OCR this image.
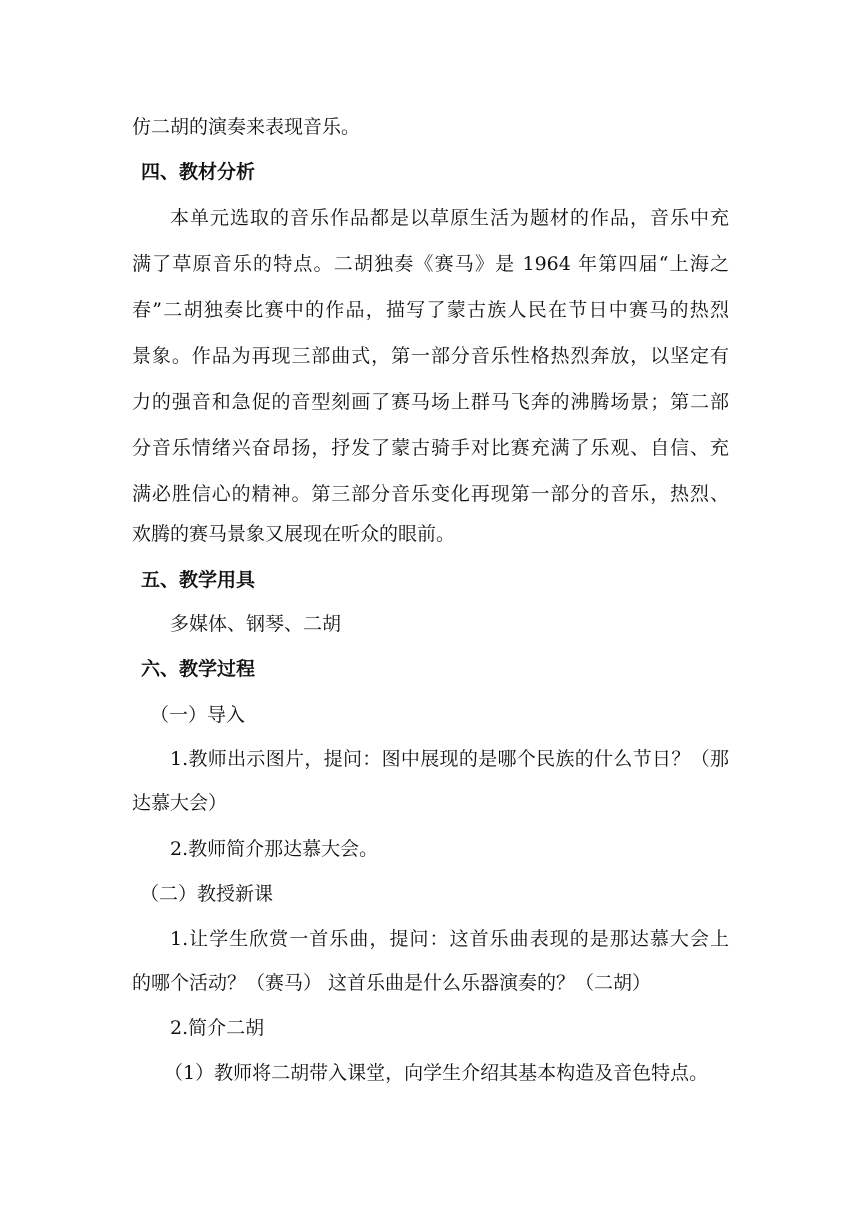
仿二胡的演奏来表现音乐。
四、教材分析
本单元选取的音乐作品都是以草原生活为题材的作品，音乐中充
满了草原音乐的特点。二胡独奏《赛马》是 1964 年第四届“上海之
春”二胡独奏比赛中的作品，描写了蒙古族人民在节日中赛马的热烈
景象。作品为再现三部曲式，第一部分音乐性格热烈奔放，以坚定有
力的强音和急促的音型刻画了赛马场上群马飞奔的沸腾场景；第二部
分音乐情绪兴奋昂扬，抒发了蒙古骑手对比赛充满了乐观、自信、充
满必胜信心的精神。第三部分音乐变化再现第一部分的音乐，热烈、
欢腾的赛马景象又展现在听众的眼前。
五、教学用具
多媒体、钢琴、二胡
六、教学过程
（一）导入
1.教师出示图片，提问：图中展现的是哪个民族的什么节日？（那
达慕大会）
2.教师简介那达慕大会。
（二）教授新课
1.让学生欣赏一首乐曲，提问：这首乐曲表现的是那达慕大会上
的哪个活动？（赛马） 这首乐曲是什么乐器演奏的？（二胡）
2.简介二胡
（1）教师将二胡带入课堂，向学生介绍其基本构造及音色特点。
